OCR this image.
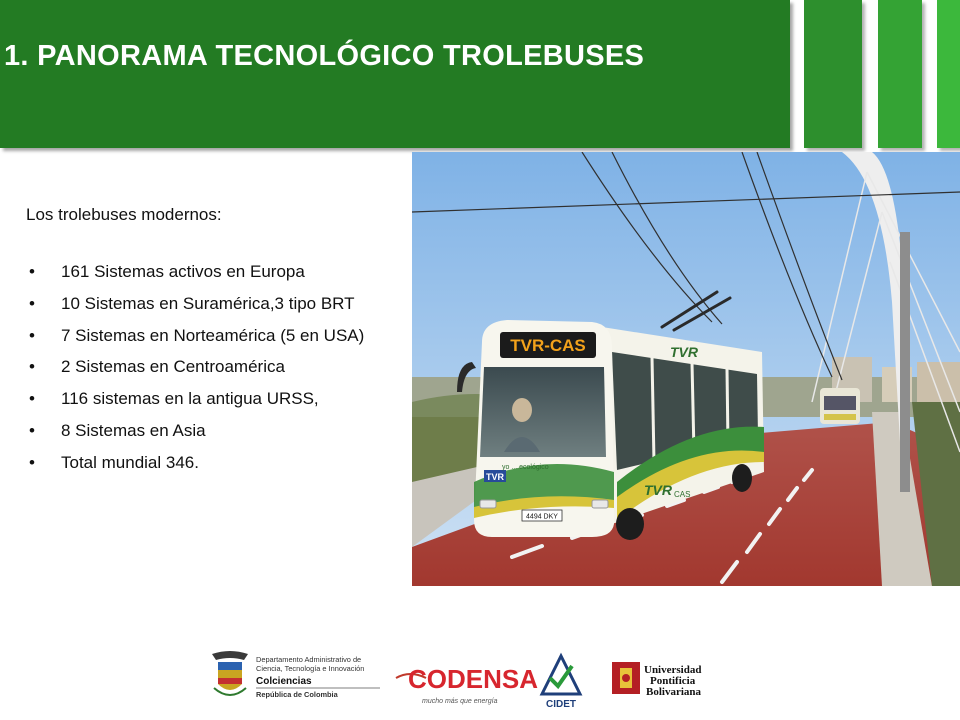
1. PANORAMA TECNOLÓGICO TROLEBUSES
Los trolebuses modernos:
• 161 Sistemas activos en Europa
• 10 Sistemas en Suramérica,3 tipo BRT
• 7 Sistemas en Norteamérica (5 en USA)
• 2 Sistemas en Centroamérica
• 116 sistemas en la antigua URSS,
• 8 Sistemas en Asia
• Total mundial 346.
TVR-CAS
TVR
TVR CAS
TVR
yo ... ecológico
4494 DKY
Departamento Administrativo de
Ciencia, Tecnología e Innovación
Colciencias
República de Colombia
CODENSA
mucho más que energía	CIDET
Universidad
Pontificia
Bolivariana
